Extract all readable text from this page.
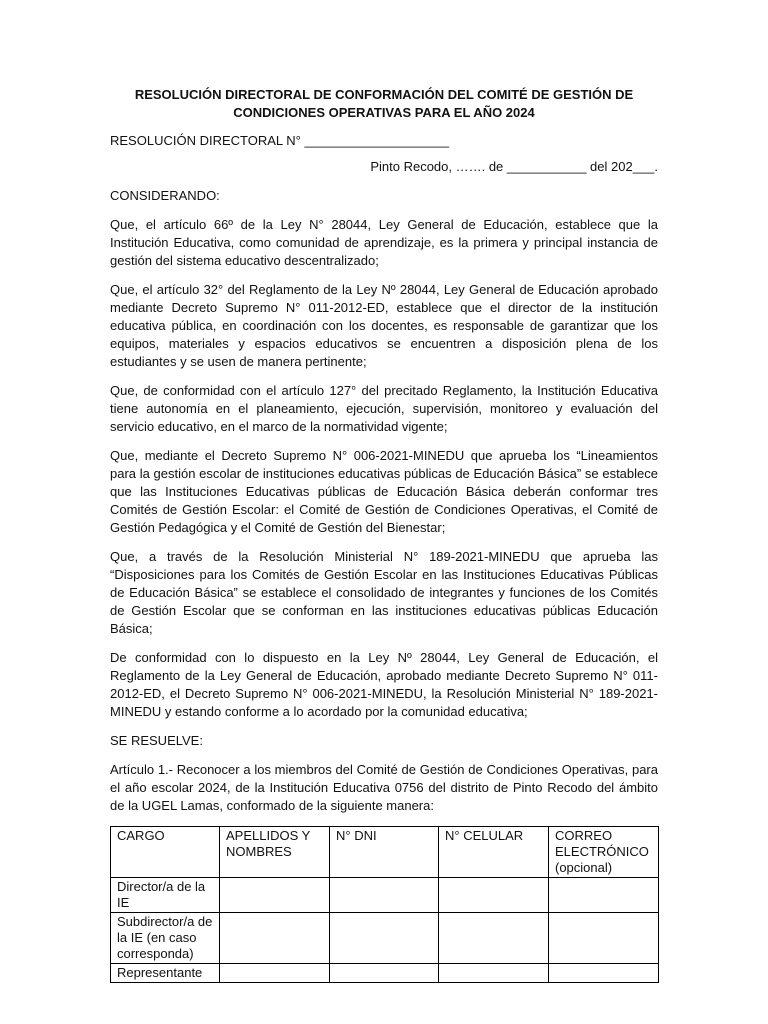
RESOLUCIÓN DIRECTORAL DE CONFORMACIÓN DEL COMITÉ DE GESTIÓN DE CONDICIONES OPERATIVAS PARA EL AÑO 2024
RESOLUCIÓN DIRECTORAL N° ____________________
Pinto Recodo, ……. de ___________ del 202___.
CONSIDERANDO:
Que, el artículo 66º de la Ley N° 28044, Ley General de Educación, establece que la Institución Educativa, como comunidad de aprendizaje, es la primera y principal instancia de gestión del sistema educativo descentralizado;
Que, el artículo 32° del Reglamento de la Ley Nº 28044, Ley General de Educación aprobado mediante Decreto Supremo N° 011-2012-ED, establece que el director de la institución educativa pública, en coordinación con los docentes, es responsable de garantizar que los equipos, materiales y espacios educativos se encuentren a disposición plena de los estudiantes y se usen de manera pertinente;
Que, de conformidad con el artículo 127° del precitado Reglamento, la Institución Educativa tiene autonomía en el planeamiento, ejecución, supervisión, monitoreo y evaluación del servicio educativo, en el marco de la normatividad vigente;
Que, mediante el Decreto Supremo N° 006-2021-MINEDU que aprueba los “Lineamientos para la gestión escolar de instituciones educativas públicas de Educación Básica” se establece que las Instituciones Educativas públicas de Educación Básica deberán conformar tres Comités de Gestión Escolar: el Comité de Gestión de Condiciones Operativas, el Comité de Gestión Pedagógica y el Comité de Gestión del Bienestar;
Que, a través de la Resolución Ministerial N° 189-2021-MINEDU que aprueba las “Disposiciones para los Comités de Gestión Escolar en las Instituciones Educativas Públicas de Educación Básica” se establece el consolidado de integrantes y funciones de los Comités de Gestión Escolar que se conforman en las instituciones educativas públicas Educación Básica;
De conformidad con lo dispuesto en la Ley Nº 28044, Ley General de Educación, el Reglamento de la Ley General de Educación, aprobado mediante Decreto Supremo N° 011- 2012-ED, el Decreto Supremo N° 006-2021-MINEDU, la Resolución Ministerial N° 189-2021- MINEDU y estando conforme a lo acordado por la comunidad educativa;
SE RESUELVE:
Artículo 1.- Reconocer a los miembros del Comité de Gestión de Condiciones Operativas, para el año escolar 2024, de la Institución Educativa 0756 del distrito de Pinto Recodo del ámbito de la UGEL Lamas, conformado de la siguiente manera:
CARGO	APELLIDOS Y NOMBRES	N° DNI	N° CELULAR	CORREO ELECTRÓNICO (opcional)
Director/a de la IE				
Subdirector/a de la IE (en caso corresponda)				
Representante				
